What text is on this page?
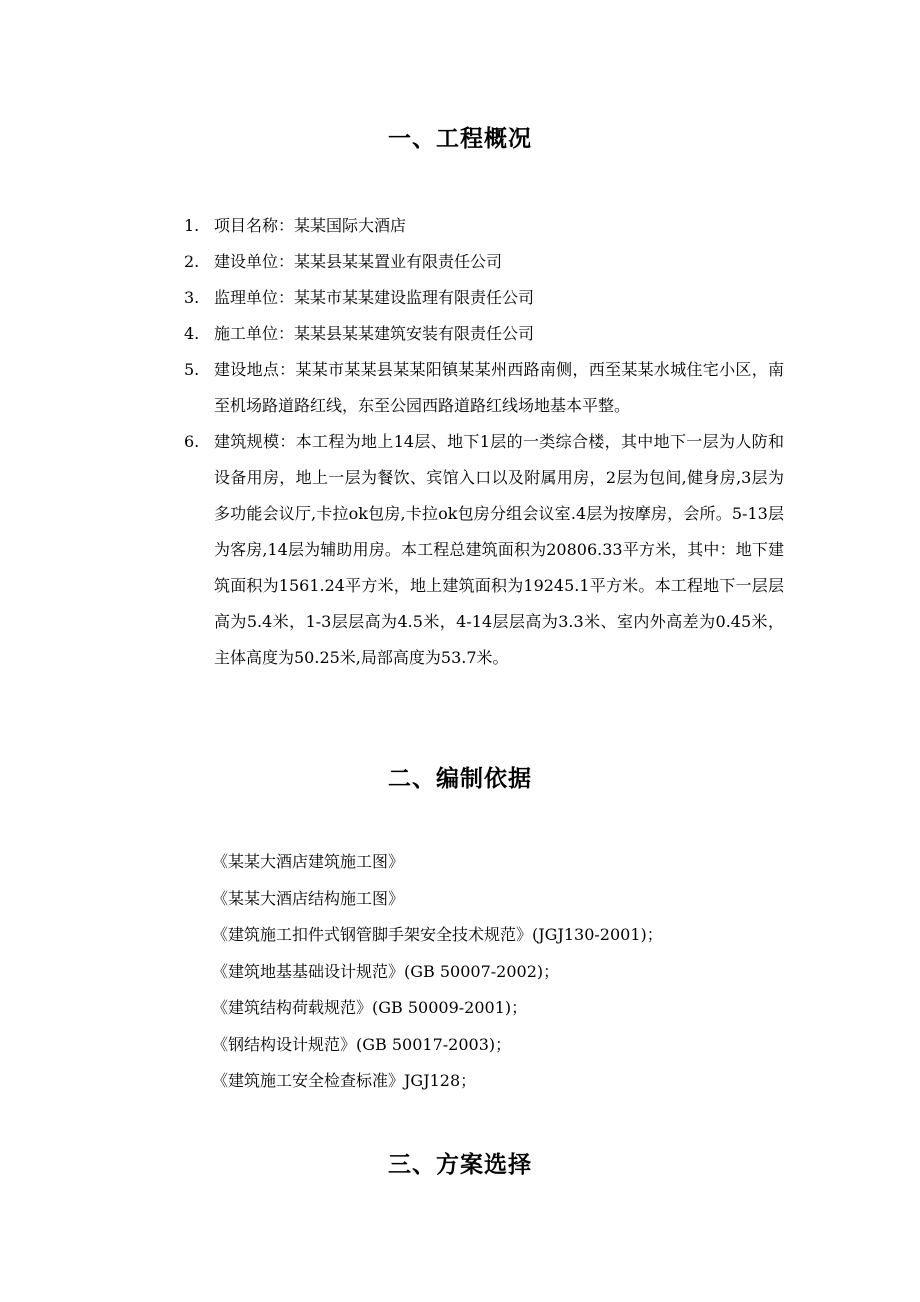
一、工程概况
1. 项目名称：某某国际大酒店
2. 建设单位：某某县某某置业有限责任公司
3. 监理单位：某某市某某建设监理有限责任公司
4. 施工单位：某某县某某建筑安装有限责任公司
5. 建设地点：某某市某某县某某阳镇某某州西路南侧，西至某某水城住宅小区，南至机场路道路红线，东至公园西路道路红线场地基本平整。
6. 建筑规模：本工程为地上14层、地下1层的一类综合楼，其中地下一层为人防和设备用房，地上一层为餐饮、宾馆入口以及附属用房，2层为包间,健身房,3层为多功能会议厅,卡拉ok包房,卡拉ok包房分组会议室.4层为按摩房，会所。5-13层为客房,14层为辅助用房。本工程总建筑面积为20806.33平方米，其中：地下建筑面积为1561.24平方米，地上建筑面积为19245.1平方米。本工程地下一层层高为5.4米，1-3层层高为4.5米，4-14层层高为3.3米、室内外高差为0.45米，主体高度为50.25米,局部高度为53.7米。
二、编制依据
《某某大酒店建筑施工图》
《某某大酒店结构施工图》
《建筑施工扣件式钢管脚手架安全技术规范》(JGJ130-2001)；
《建筑地基基础设计规范》(GB 50007-2002)；
《建筑结构荷载规范》(GB 50009-2001)；
《钢结构设计规范》(GB 50017-2003)；
《建筑施工安全检查标准》JGJ128；
三、方案选择
